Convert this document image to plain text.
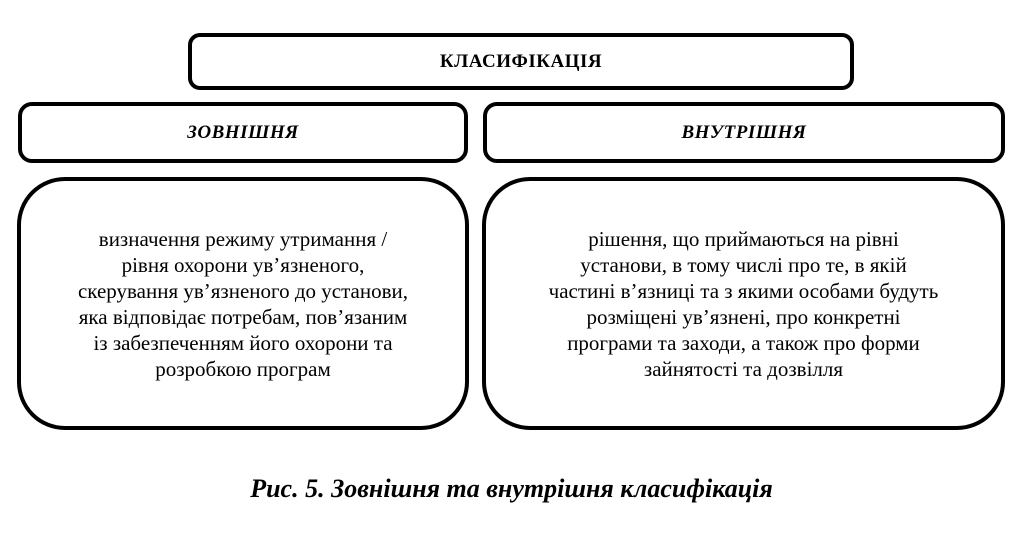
КЛАСИФІКАЦІЯ
ЗОВНІШНЯ	ВНУТРІШНЯ
визначення режиму утримання /
рівня охорони ув’язненого,
скерування ув’язненого до установи,
яка відповідає потребам, пов’язаним
із забезпеченням його охорони та
розробкою програм
рішення, що приймаються на рівні
установи, в тому числі про те, в якій
частині в’язниці та з якими особами будуть
розміщені ув’язнені, про конкретні
програми та заходи, а також про форми
зайнятості та дозвілля
Рис. 5. Зовнішня та внутрішня класифікація
